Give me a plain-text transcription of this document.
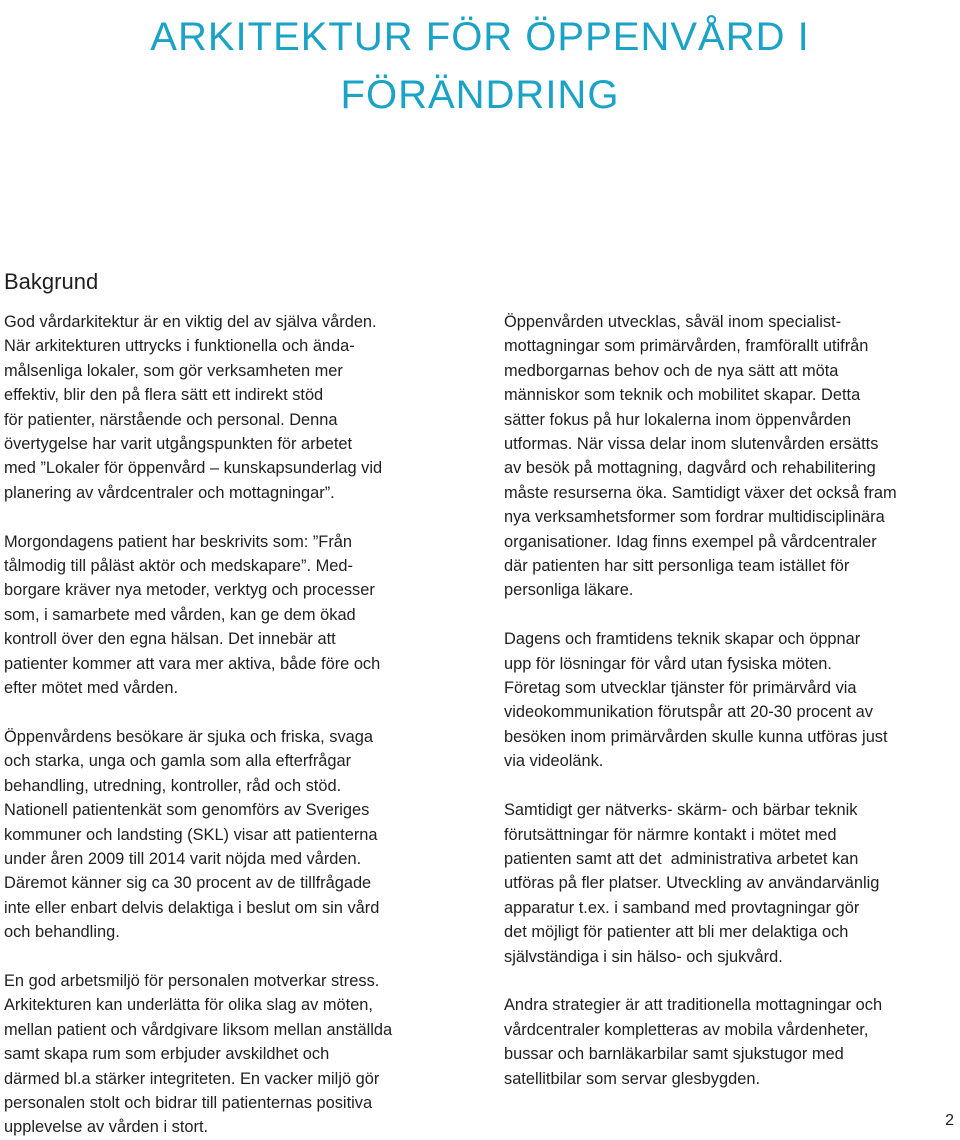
ARKITEKTUR FÖR ÖPPENVÅRD I
FÖRÄNDRING
Bakgrund

God vårdarkitektur är en viktig del av själva vården.
När arkitekturen uttrycks i funktionella och ända-
målsenliga lokaler, som gör verksamheten mer
effektiv, blir den på flera sätt ett indirekt stöd
för patienter, närstående och personal. Denna
övertygelse har varit utgångspunkten för arbetet
med ”Lokaler för öppenvård – kunskapsunderlag vid
planering av vårdcentraler och mottagningar”.

Morgondagens patient har beskrivits som: ”Från
tålmodig till påläst aktör och medskapare”. Med-
borgare kräver nya metoder, verktyg och processer
som, i samarbete med vården, kan ge dem ökad
kontroll över den egna hälsan. Det innebär att
patienter kommer att vara mer aktiva, både före och
efter mötet med vården.

Öppenvårdens besökare är sjuka och friska, svaga
och starka, unga och gamla som alla efterfrågar
behandling, utredning, kontroller, råd och stöd.
Nationell patientenkät som genomförs av Sveriges
kommuner och landsting (SKL) visar att patienterna
under åren 2009 till 2014 varit nöjda med vården.
Däremot känner sig ca 30 procent av de tillfrågade
inte eller enbart delvis delaktiga i beslut om sin vård
och behandling.

En god arbetsmiljö för personalen motverkar stress.
Arkitekturen kan underlätta för olika slag av möten,
mellan patient och vårdgivare liksom mellan anställda
samt skapa rum som erbjuder avskildhet och
därmed bl.a stärker integriteten. En vacker miljö gör
personalen stolt och bidrar till patienternas positiva
upplevelse av vården i stort.

Öppenvården utvecklas, såväl inom specialist-
mottagningar som primärvården, framförallt utifrån
medborgarnas behov och de nya sätt att möta
människor som teknik och mobilitet skapar. Detta
sätter fokus på hur lokalerna inom öppenvården
utformas. När vissa delar inom slutenvården ersätts
av besök på mottagning, dagvård och rehabilitering
måste resurserna öka. Samtidigt växer det också fram
nya verksamhetsformer som fordrar multidisciplinära
organisationer. Idag finns exempel på vårdcentraler
där patienten har sitt personliga team istället för
personliga läkare.

Dagens och framtidens teknik skapar och öppnar
upp för lösningar för vård utan fysiska möten.
Företag som utvecklar tjänster för primärvård via
videokommunikation förutspår att 20-30 procent av
besöken inom primärvården skulle kunna utföras just
via videolänk.

Samtidigt ger nätverks- skärm- och bärbar teknik
förutsättningar för närmre kontakt i mötet med
patienten samt att det  administrativa arbetet kan
utföras på fler platser. Utveckling av användarvänlig
apparatur t.ex. i samband med provtagningar gör
det möjligt för patienter att bli mer delaktiga och
självständiga i sin hälso- och sjukvård.

Andra strategier är att traditionella mottagningar och
vårdcentraler kompletteras av mobila vårdenheter,
bussar och barnläkarbilar samt sjukstugor med
satellitbilar som servar glesbygden.

2
